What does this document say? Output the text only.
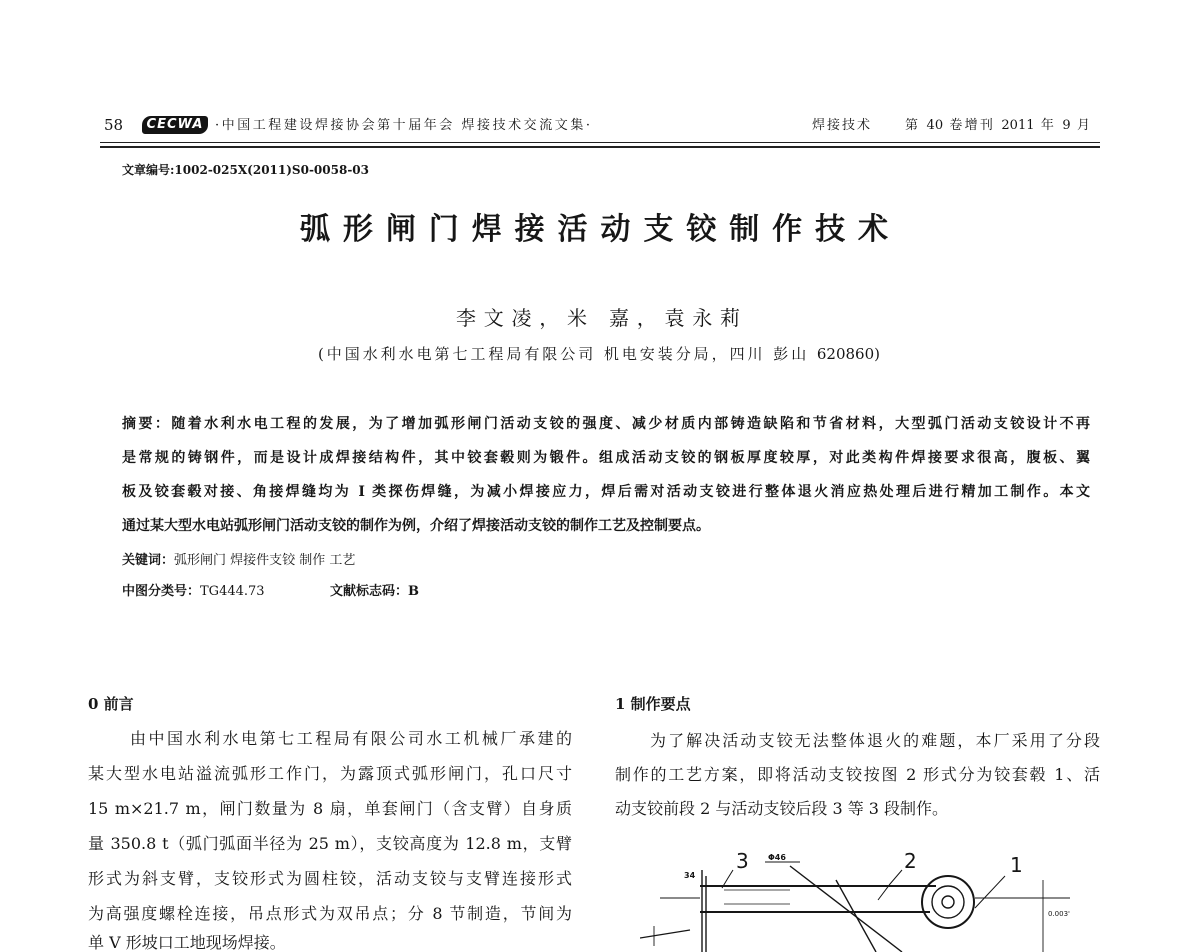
58	CECWA ·中国工程建设焊接协会第十届年会 焊接技术交流文集·	焊接技术	第 40 卷增刊 2011 年 9 月
文章编号:1002-025X(2011)S0-0058-03
弧形闸门焊接活动支铰制作技术
李文凌，米 嘉，袁永莉
(中国水利水电第七工程局有限公司 机电安装分局，四川 彭山 620860)
摘要：随着水利水电工程的发展，为了增加弧形闸门活动支铰的强度、减少材质内部铸造缺陷和节省材料，大型弧门活动支铰设计不再
是常规的铸钢件，而是设计成焊接结构件，其中铰套毂则为锻件。组成活动支铰的钢板厚度较厚，对此类构件焊接要求很高，腹板、翼
板及铰套毂对接、角接焊缝均为 I 类探伤焊缝，为减小焊接应力，焊后需对活动支铰进行整体退火消应热处理后进行精加工制作。本文
通过某大型水电站弧形闸门活动支铰的制作为例，介绍了焊接活动支铰的制作工艺及控制要点。
关键词：弧形闸门 焊接件支铰 制作 工艺
中图分类号：TG444.73	文献标志码：B
0 前言
由中国水利水电第七工程局有限公司水工机械厂承建的
某大型水电站溢流弧形工作门，为露顶式弧形闸门，孔口尺寸
15 m×21.7 m，闸门数量为 8 扇，单套闸门（含支臂）自身质
量 350.8 t（弧门弧面半径为 25 m），支铰高度为 12.8 m，支臂
形式为斜支臂，支铰形式为圆柱铰，活动支铰与支臂连接形式
为高强度螺栓连接，吊点形式为双吊点；分 8 节制造，节间为
单 V 形坡口工地现场焊接。
1 制作要点
为了解决活动支铰无法整体退火的难题，本厂采用了分段
制作的工艺方案，即将活动支铰按图 2 形式分为铰套毂 1、活
动支铰前段 2 与活动支铰后段 3 等 3 段制作。
3	2	1
34
Φ46
0.003'
